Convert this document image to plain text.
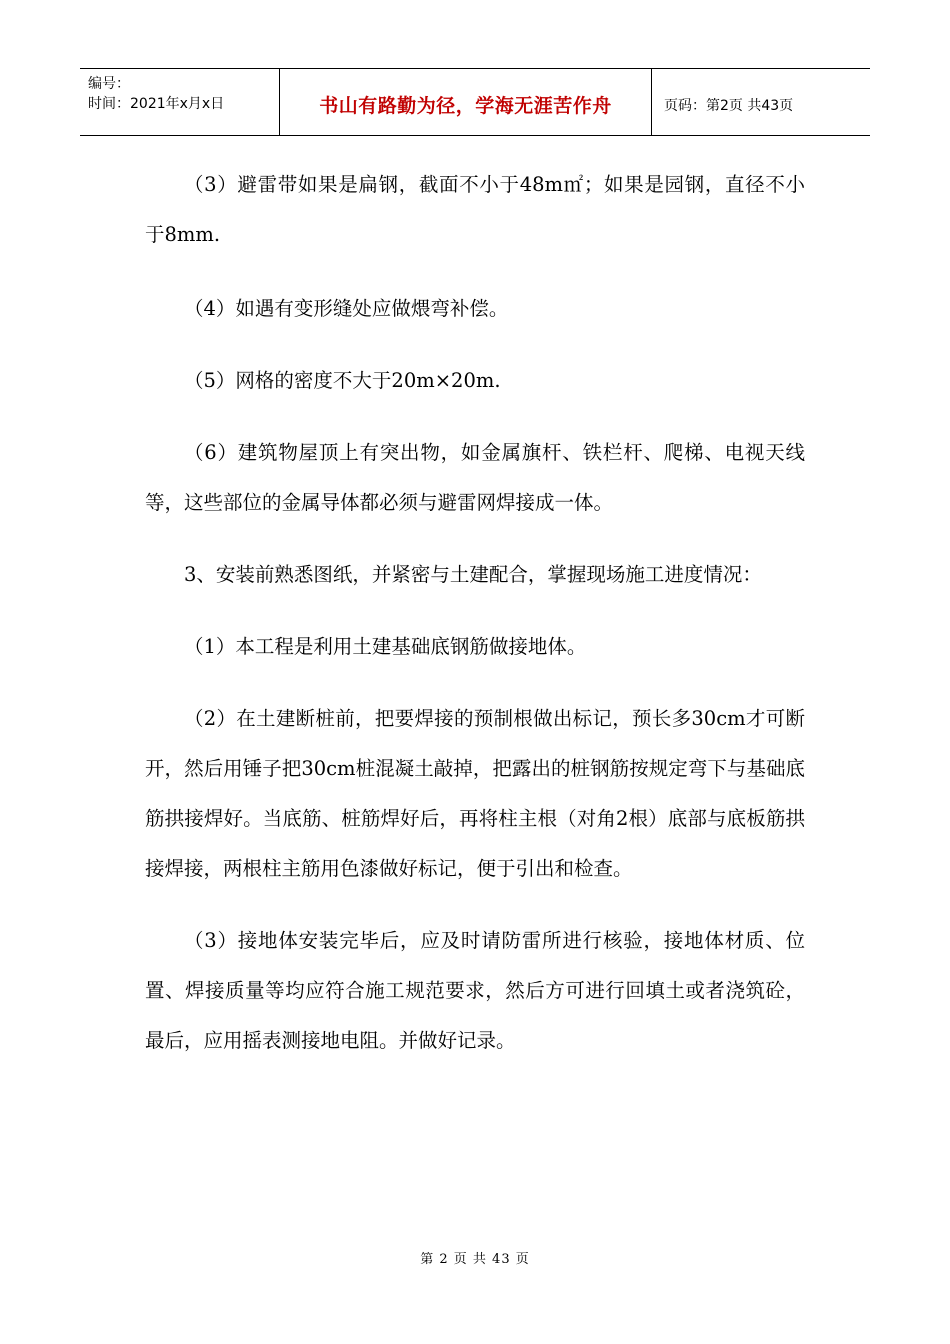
编号：
时间：2021年x月x日	书山有路勤为径，学海无涯苦作舟	页码：第2页 共43页

（3）避雷带如果是扁钢，截面不小于48m㎡；如果是园钢，直径不小于8mm.

（4）如遇有变形缝处应做煨弯补偿。

（5）网格的密度不大于20m×20m.

（6）建筑物屋顶上有突出物，如金属旗杆、铁栏杆、爬梯、电视天线等，这些部位的金属导体都必须与避雷网焊接成一体。

3、安装前熟悉图纸，并紧密与土建配合，掌握现场施工进度情况：

（1）本工程是利用土建基础底钢筋做接地体。

（2）在土建断桩前，把要焊接的预制根做出标记，预长多30cm才可断开，然后用锤子把30cm桩混凝土敲掉，把露出的桩钢筋按规定弯下与基础底筋拱接焊好。当底筋、桩筋焊好后，再将柱主根（对角2根）底部与底板筋拱接焊接，两根柱主筋用色漆做好标记，便于引出和检查。

（3）接地体安装完毕后，应及时请防雷所进行核验，接地体材质、位置、焊接质量等均应符合施工规范要求，然后方可进行回填土或者浇筑砼，最后，应用摇表测接地电阻。并做好记录。

第 2 页 共 43 页
